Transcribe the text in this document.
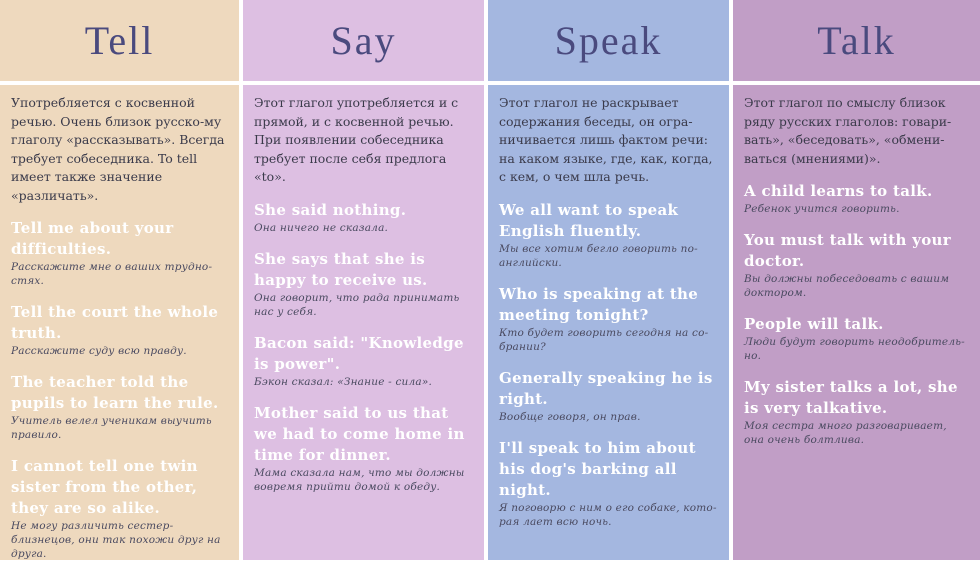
Tell

Употребляется с косвенной речью. Очень близок русско-му глаголу «рассказывать». Всегда требует собеседника. To tell имеет также значение «различать».

Tell me about your difficulties.
Расскажите мне о ваших трудно-стях.
Tell the court the whole truth.
Расскажите суду всю правду.
The teacher told the pupils to learn the rule.
Учитель велел ученикам выучить правило.
I cannot tell one twin sister from the other, they are so alike.
Не могу различить сестер-близнецов, они так похожи друг на друга.
Say

Этот глагол употребляется и с прямой, и с косвенной речью. При появлении собеседника требует после себя предлога «to».

She said nothing.
Она ничего не сказала.
She says that she is happy to receive us.
Она говорит, что рада принимать нас у себя.
Bacon said: "Knowledge is power".
Бэкон сказал: «Знание - сила».
Mother said to us that we had to come home in time for dinner.
Мама сказала нам, что мы должны вовремя прийти домой к обеду.
Speak

Этот глагол не раскрывает содержания беседы, он огра-ничивается лишь фактом речи: на каком языке, где, как, когда, с кем, о чем шла речь.

We all want to speak English fluently.
Мы все хотим бегло говорить по-английски.
Who is speaking at the meeting tonight?
Кто будет говорить сегодня на со-брании?
Generally speaking he is right.
Вообще говоря, он прав.
I'll speak to him about his dog's barking all night.
Я поговорю с ним о его собаке, кото-рая лает всю ночь.
Talk

Этот глагол по смыслу близок ряду русских глаголов: говари-вать», «беседовать», «обмени-ваться (мнениями)».

A child learns to talk.
Ребенок учится говорить.
You must talk with your doctor.
Вы должны побеседовать с вашим доктором.
People will talk.
Люди будут говорить неодобритель-но.
My sister talks a lot, she is very talkative.
Моя сестра много разговаривает, она очень болтлива.
